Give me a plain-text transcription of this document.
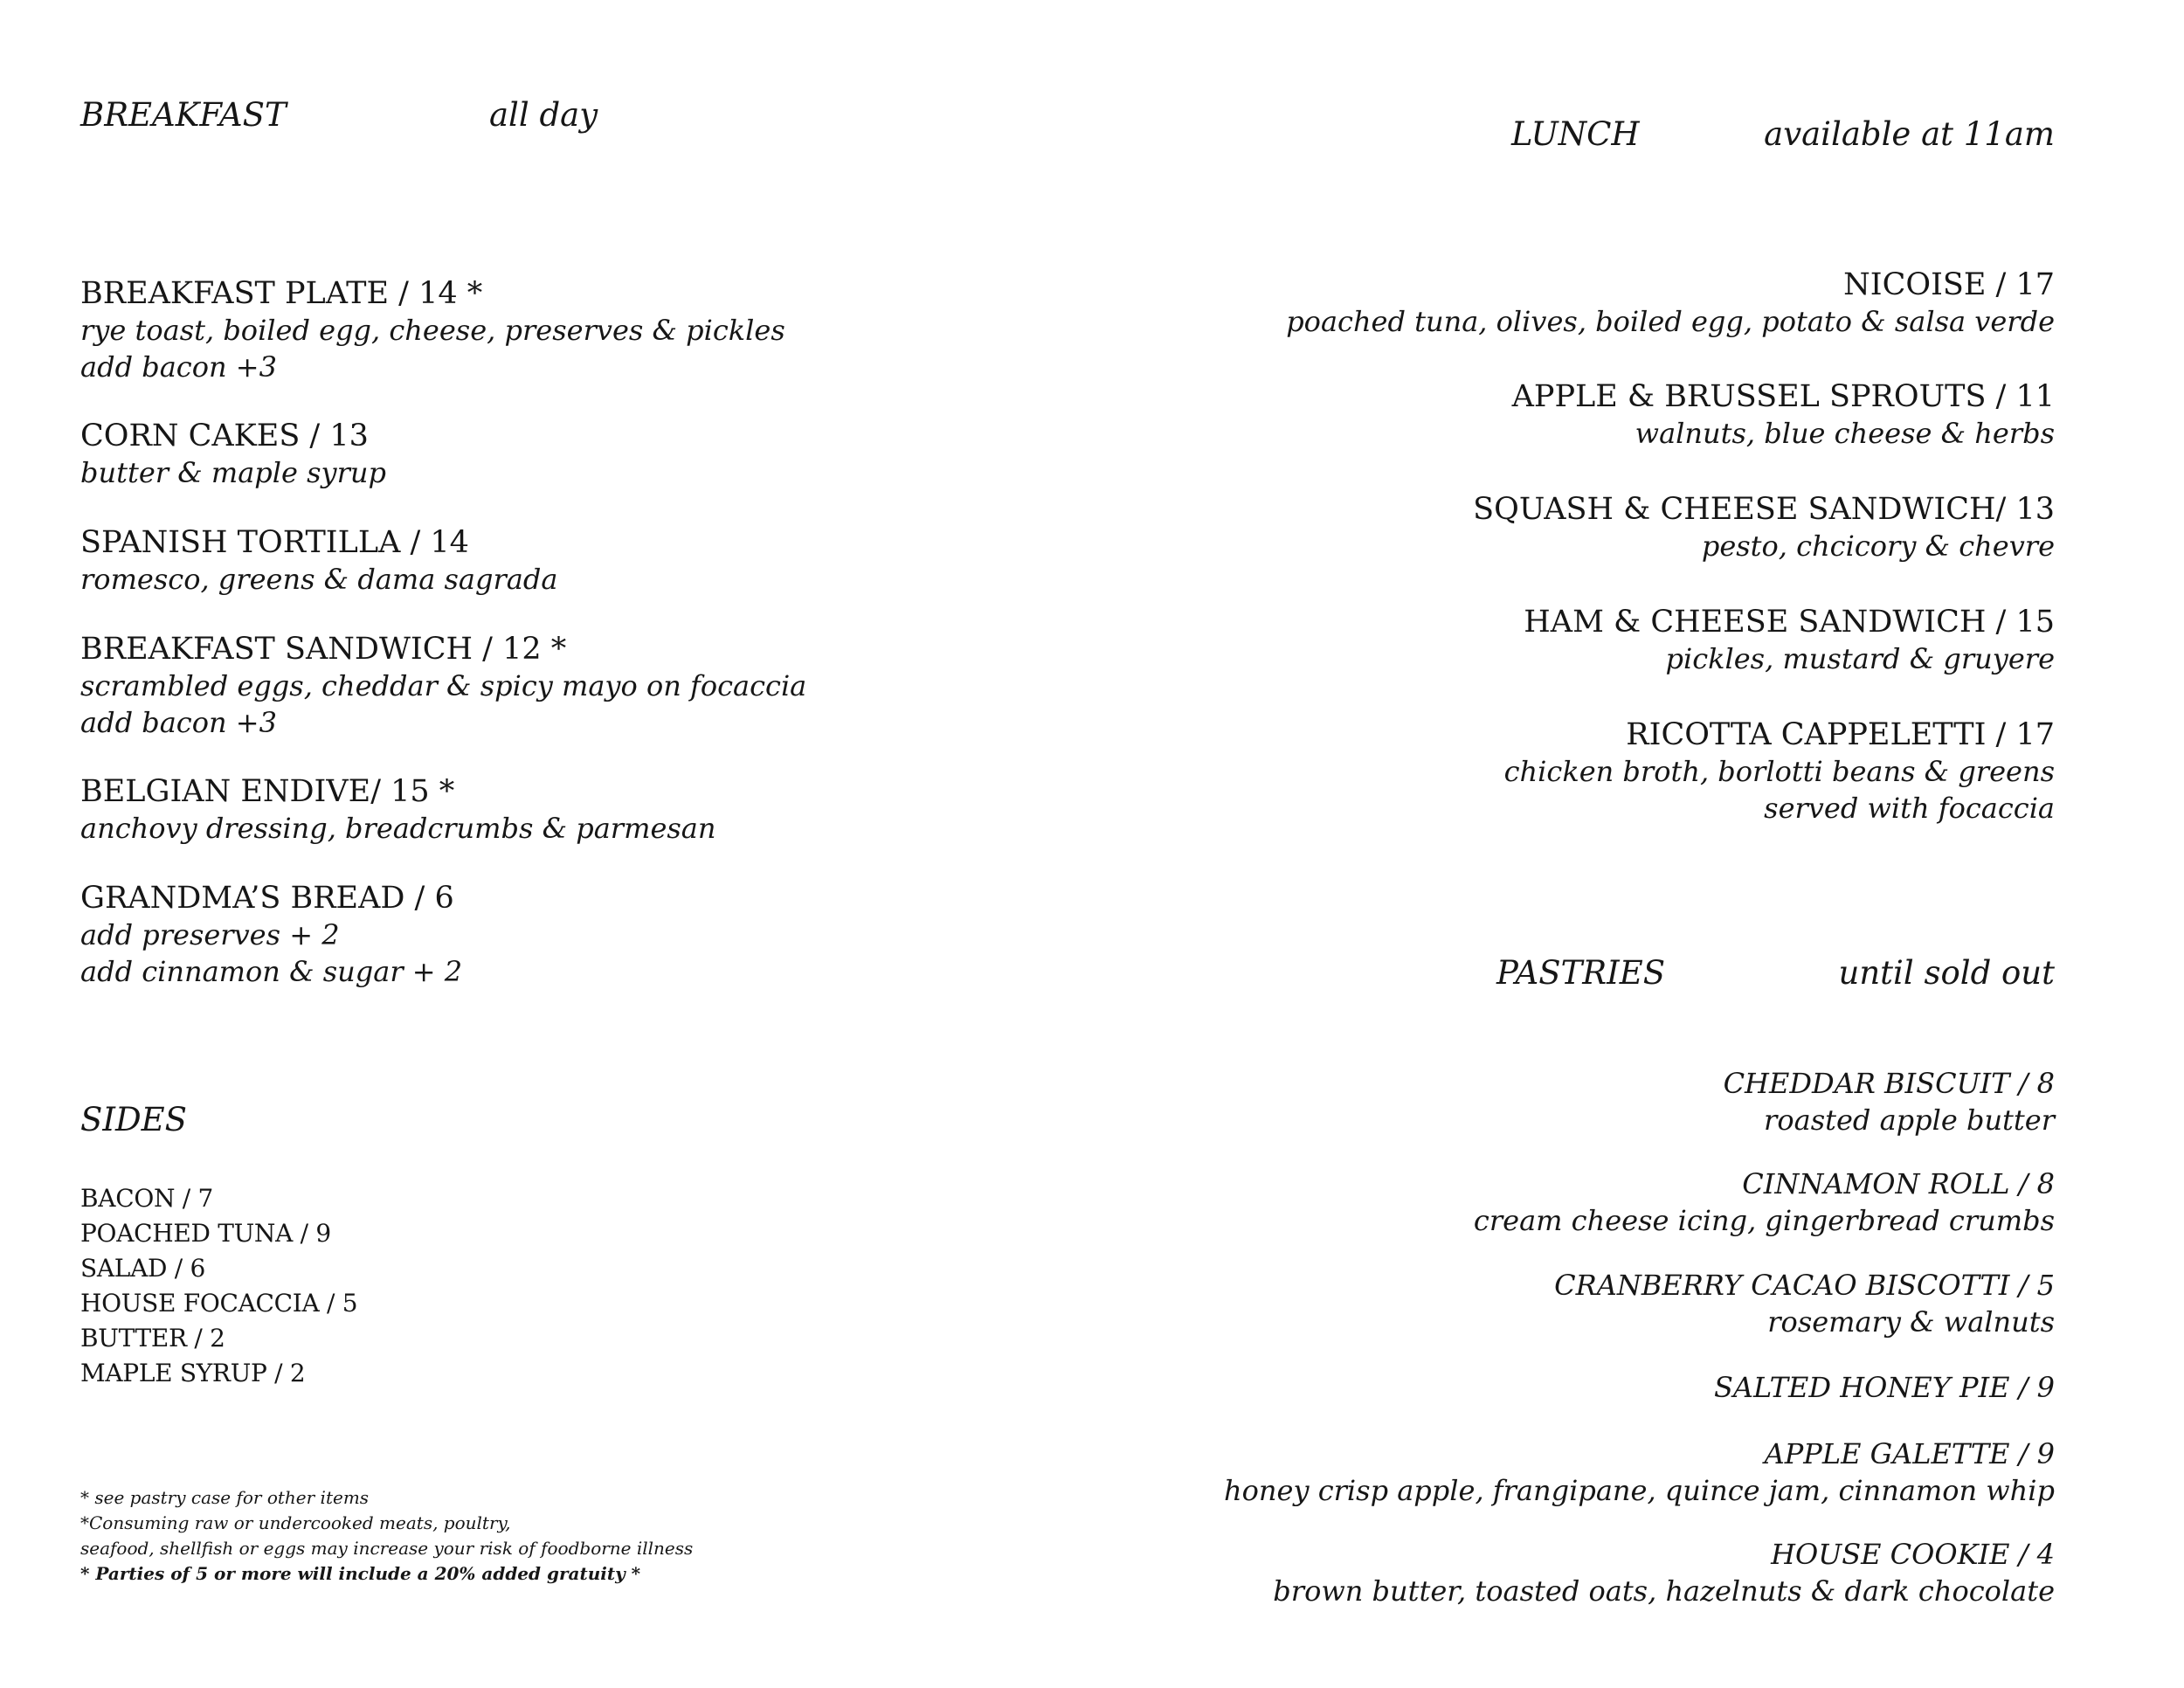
BREAKFAST	all day
BREAKFAST PLATE / 14 *
rye toast, boiled egg, cheese, preserves & pickles
add bacon +3
CORN CAKES / 13
butter & maple syrup
SPANISH TORTILLA / 14
romesco, greens & dama sagrada
BREAKFAST SANDWICH / 12 *
scrambled eggs, cheddar & spicy mayo on focaccia
add bacon +3
BELGIAN ENDIVE/ 15 *
anchovy dressing, breadcrumbs & parmesan
GRANDMA’S BREAD / 6
add preserves + 2
add cinnamon & sugar + 2
SIDES
BACON / 7
POACHED TUNA / 9
SALAD / 6
HOUSE FOCACCIA / 5
BUTTER / 2
MAPLE SYRUP / 2
* see pastry case for other items
*Consuming raw or undercooked meats, poultry,
seafood, shellfish or eggs may increase your risk of foodborne illness
* Parties of 5 or more will include a 20% added gratuity *
LUNCH	available at 11am
NICOISE / 17
poached tuna, olives, boiled egg, potato & salsa verde
APPLE & BRUSSEL SPROUTS / 11
walnuts, blue cheese & herbs
SQUASH & CHEESE SANDWICH/ 13
pesto, chcicory & chevre
HAM & CHEESE SANDWICH / 15
pickles, mustard & gruyere
RICOTTA CAPPELETTI / 17
chicken broth, borlotti beans & greens
served with focaccia
PASTRIES	until sold out
CHEDDAR BISCUIT / 8
roasted apple butter
CINNAMON ROLL / 8
cream cheese icing, gingerbread crumbs
CRANBERRY CACAO BISCOTTI / 5
rosemary & walnuts
SALTED HONEY PIE / 9
APPLE GALETTE / 9
honey crisp apple, frangipane, quince jam, cinnamon whip
HOUSE COOKIE / 4
brown butter, toasted oats, hazelnuts & dark chocolate
